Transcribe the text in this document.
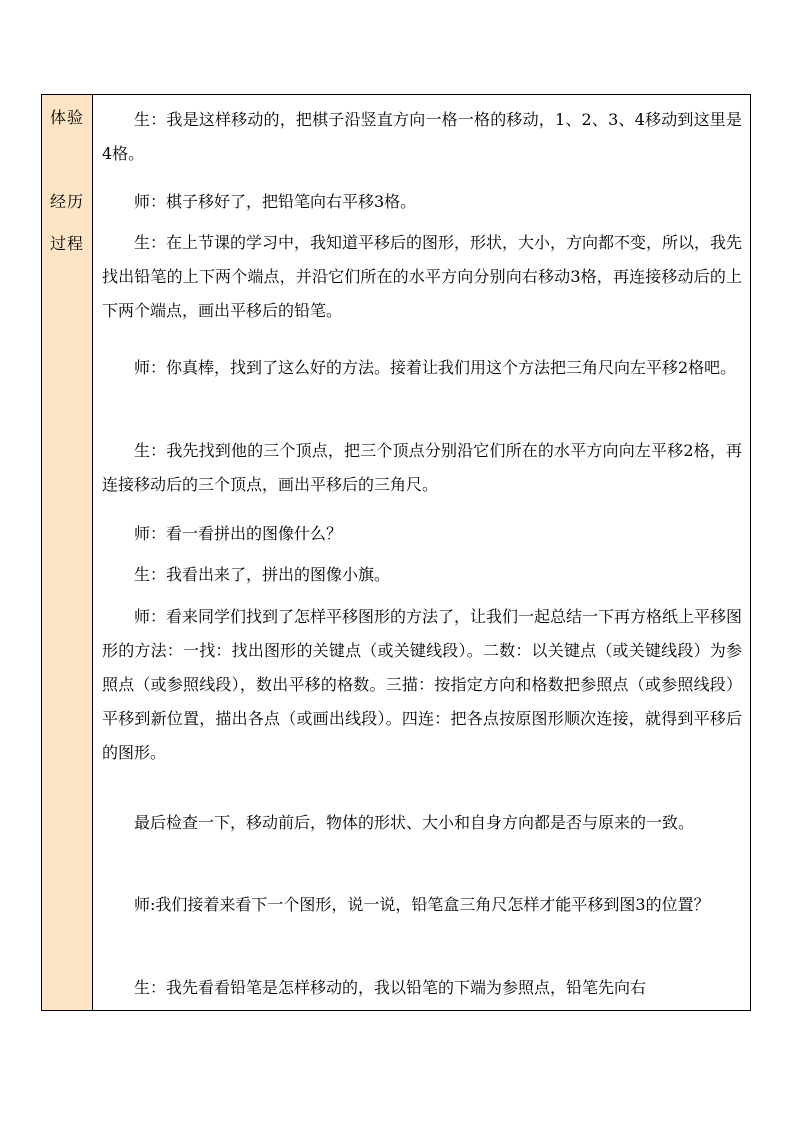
体验
经历
过程

生：我是这样移动的，把棋子沿竖直方向一格一格的移动，1、2、3、4移动到这里是4格。

师：棋子移好了，把铅笔向右平移3格。

生：在上节课的学习中，我知道平移后的图形，形状，大小，方向都不变，所以，我先找出铅笔的上下两个端点，并沿它们所在的水平方向分别向右移动3格，再连接移动后的上下两个端点，画出平移后的铅笔。

师：你真棒，找到了这么好的方法。接着让我们用这个方法把三角尺向左平移2格吧。

生：我先找到他的三个顶点，把三个顶点分别沿它们所在的水平方向向左平移2格，再连接移动后的三个顶点，画出平移后的三角尺。

师：看一看拼出的图像什么？

生：我看出来了，拼出的图像小旗。

师：看来同学们找到了怎样平移图形的方法了，让我们一起总结一下再方格纸上平移图形的方法：一找：找出图形的关键点（或关键线段）。二数：以关键点（或关键线段）为参照点（或参照线段），数出平移的格数。三描：按指定方向和格数把参照点（或参照线段）平移到新位置，描出各点（或画出线段）。四连：把各点按原图形顺次连接，就得到平移后的图形。

最后检查一下，移动前后，物体的形状、大小和自身方向都是否与原来的一致。

师:我们接着来看下一个图形，说一说，铅笔盒三角尺怎样才能平移到图3的位置？

生：我先看看铅笔是怎样移动的，我以铅笔的下端为参照点，铅笔先向右
